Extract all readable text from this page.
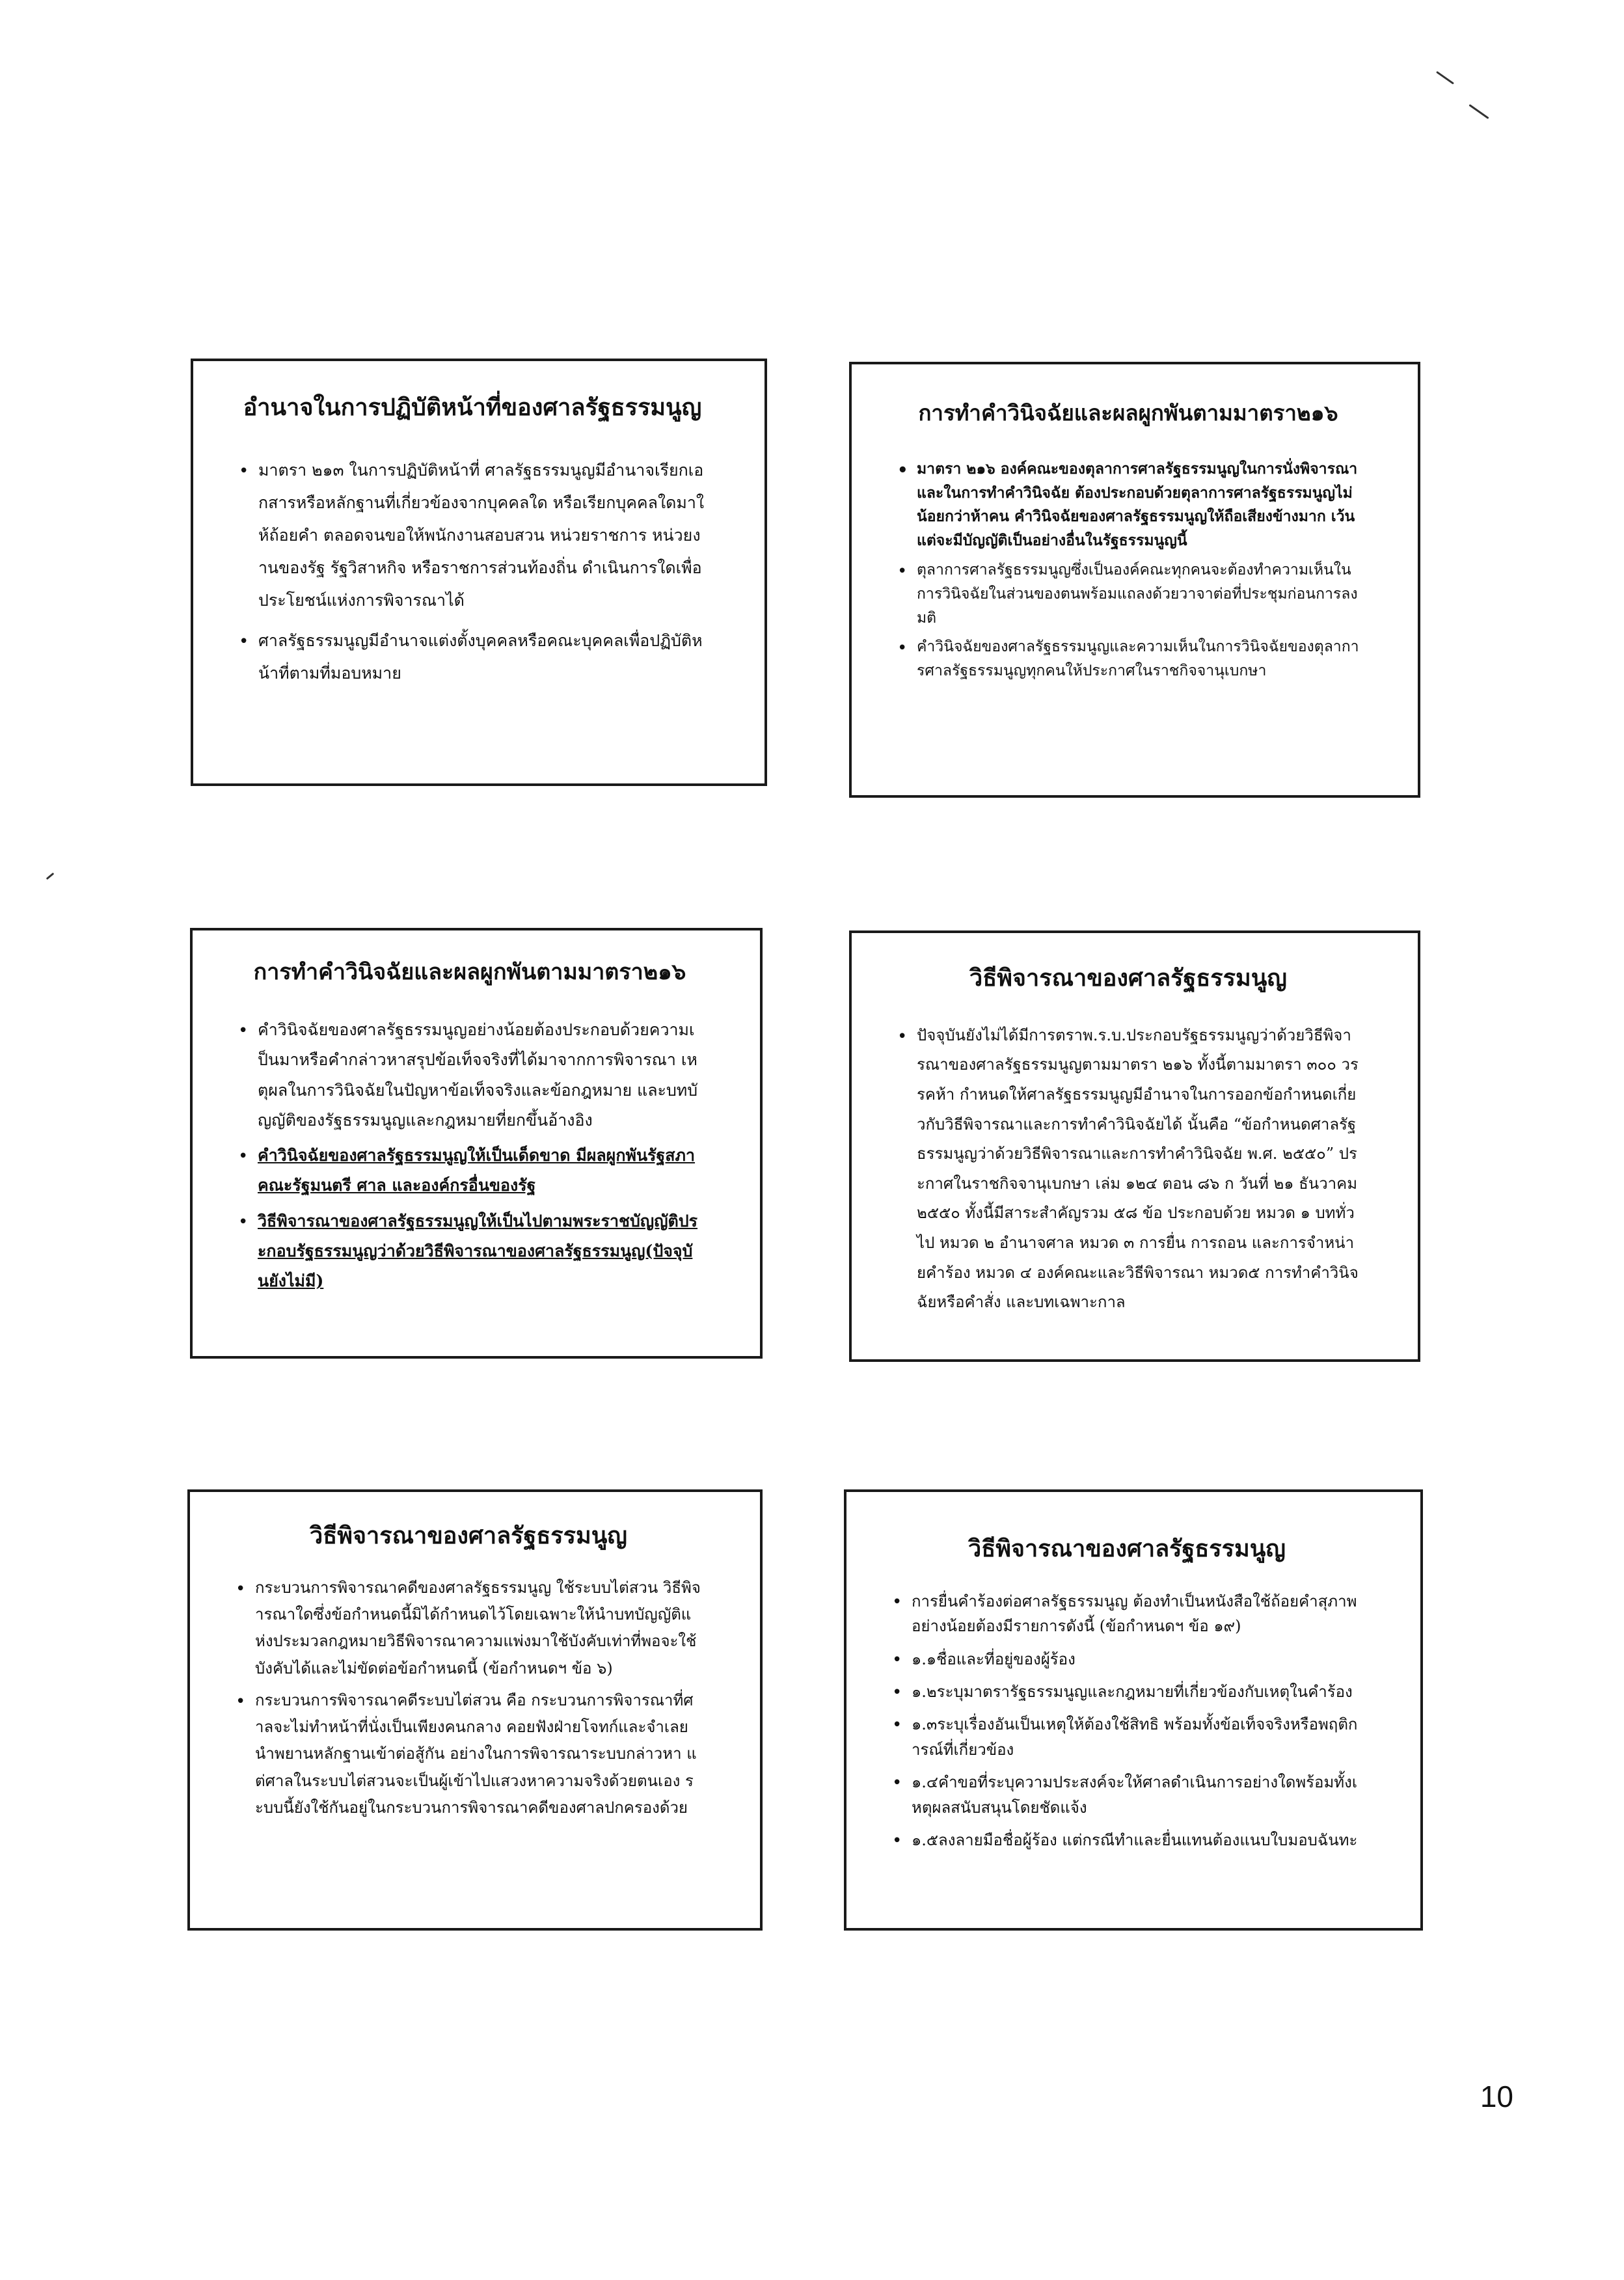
อำนาจในการปฏิบัติหน้าที่ของศาลรัฐธรรมนูญ
• มาตรา ๒๑๓ ในการปฏิบัติหน้าที่ ศาลรัฐธรรมนูญมีอำนาจเรียกเอกสารหรือหลักฐานที่เกี่ยวข้องจากบุคคลใด หรือเรียกบุคคลใดมาให้ถ้อยคำ ตลอดจนขอให้พนักงานสอบสวน หน่วยราชการ หน่วยงานของรัฐ รัฐวิสาหกิจ หรือราชการส่วนท้องถิ่น ดำเนินการใดเพื่อประโยชน์แห่งการพิจารณาได้
• ศาลรัฐธรรมนูญมีอำนาจแต่งตั้งบุคคลหรือคณะบุคคลเพื่อปฏิบัติหน้าที่ตามที่มอบหมาย
การทำคำวินิจฉัยและผลผูกพันตามมาตรา๒๑๖
• มาตรา ๒๑๖ องค์คณะของตุลาการศาลรัฐธรรมนูญในการนั่งพิจารณาและในการทำคำวินิจฉัย ต้องประกอบด้วยตุลาการศาลรัฐธรรมนูญไม่น้อยกว่าห้าคน คำวินิจฉัยของศาลรัฐธรรมนูญให้ถือเสียงข้างมาก เว้นแต่จะมีบัญญัติเป็นอย่างอื่นในรัฐธรรมนูญนี้
• ตุลาการศาลรัฐธรรมนูญซึ่งเป็นองค์คณะทุกคนจะต้องทำความเห็นในการวินิจฉัยในส่วนของตนพร้อมแถลงด้วยวาจาต่อที่ประชุมก่อนการลงมติ
• คำวินิจฉัยของศาลรัฐธรรมนูญและความเห็นในการวินิจฉัยของตุลาการศาลรัฐธรรมนูญทุกคนให้ประกาศในราชกิจจานุเบกษา
การทำคำวินิจฉัยและผลผูกพันตามมาตรา๒๑๖
• คำวินิจฉัยของศาลรัฐธรรมนูญอย่างน้อยต้องประกอบด้วยความเป็นมาหรือคำกล่าวหาสรุปข้อเท็จจริงที่ได้มาจากการพิจารณา เหตุผลในการวินิจฉัยในปัญหาข้อเท็จจริงและข้อกฎหมาย และบทบัญญัติของรัฐธรรมนูญและกฎหมายที่ยกขึ้นอ้างอิง
• คำวินิจฉัยของศาลรัฐธรรมนูญให้เป็นเด็ดขาด มีผลผูกพันรัฐสภา คณะรัฐมนตรี ศาล และองค์กรอื่นของรัฐ
• วิธีพิจารณาของศาลรัฐธรรมนูญให้เป็นไปตามพระราชบัญญัติประกอบรัฐธรรมนูญว่าด้วยวิธีพิจารณาของศาลรัฐธรรมนูญ(ปัจจุบันยังไม่มี)
วิธีพิจารณาของศาลรัฐธรรมนูญ
• ปัจจุบันยังไม่ได้มีการตราพ.ร.บ.ประกอบรัฐธรรมนูญว่าด้วยวิธีพิจารณาของศาลรัฐธรรมนูญตามมาตรา ๒๑๖ ทั้งนี้ตามมาตรา ๓๐๐ วรรคห้า กำหนดให้ศาลรัฐธรรมนูญมีอำนาจในการออกข้อกำหนดเกี่ยวกับวิธีพิจารณาและการทำคำวินิจฉัยได้ นั้นคือ “ข้อกำหนดศาลรัฐธรรมนูญว่าด้วยวิธีพิจารณาและการทำคำวินิจฉัย พ.ศ. ๒๕๕๐” ประกาศในราชกิจจานุเบกษา เล่ม ๑๒๔ ตอน ๘๖ ก วันที่ ๒๑ ธันวาคม ๒๕๕๐ ทั้งนี้มีสาระสำคัญรวม ๕๘ ข้อ ประกอบด้วย หมวด ๑ บททั่วไป หมวด ๒ อำนาจศาล หมวด ๓ การยื่น การถอน และการจำหน่ายคำร้อง หมวด ๔ องค์คณะและวิธีพิจารณา หมวด๕ การทำคำวินิจฉัยหรือคำสั่ง และบทเฉพาะกาล
วิธีพิจารณาของศาลรัฐธรรมนูญ
• กระบวนการพิจารณาคดีของศาลรัฐธรรมนูญ ใช้ระบบไต่สวน วิธีพิจารณาใดซึ่งข้อกำหนดนี้มิได้กำหนดไว้โดยเฉพาะให้นำบทบัญญัติแห่งประมวลกฎหมายวิธีพิจารณาความแพ่งมาใช้บังคับเท่าที่พอจะใช้บังคับได้และไม่ขัดต่อข้อกำหนดนี้ (ข้อกำหนดฯ ข้อ ๖)
• กระบวนการพิจารณาคดีระบบไต่สวน คือ กระบวนการพิจารณาที่ศาลจะไม่ทำหน้าที่นั่งเป็นเพียงคนกลาง คอยฟังฝ่ายโจทก์และจำเลย นำพยานหลักฐานเข้าต่อสู้กัน อย่างในการพิจารณาระบบกล่าวหา แต่ศาลในระบบไต่สวนจะเป็นผู้เข้าไปแสวงหาความจริงด้วยตนเอง ระบบนี้ยังใช้กันอยู่ในกระบวนการพิจารณาคดีของศาลปกครองด้วย
วิธีพิจารณาของศาลรัฐธรรมนูญ
• การยื่นคำร้องต่อศาลรัฐธรรมนูญ ต้องทำเป็นหนังสือใช้ถ้อยคำสุภาพอย่างน้อยต้องมีรายการดังนี้ (ข้อกำหนดฯ ข้อ ๑๙)
• ๑.๑ชื่อและที่อยู่ของผู้ร้อง
• ๑.๒ระบุมาตรารัฐธรรมนูญและกฎหมายที่เกี่ยวข้องกับเหตุในคำร้อง
• ๑.๓ระบุเรื่องอันเป็นเหตุให้ต้องใช้สิทธิ พร้อมทั้งข้อเท็จจริงหรือพฤติการณ์ที่เกี่ยวข้อง
• ๑.๔คำขอที่ระบุความประสงค์จะให้ศาลดำเนินการอย่างใดพร้อมทั้งเหตุผลสนับสนุนโดยชัดแจ้ง
• ๑.๕ลงลายมือชื่อผู้ร้อง แต่กรณีทำและยื่นแทนต้องแนบใบมอบฉันทะ
10
